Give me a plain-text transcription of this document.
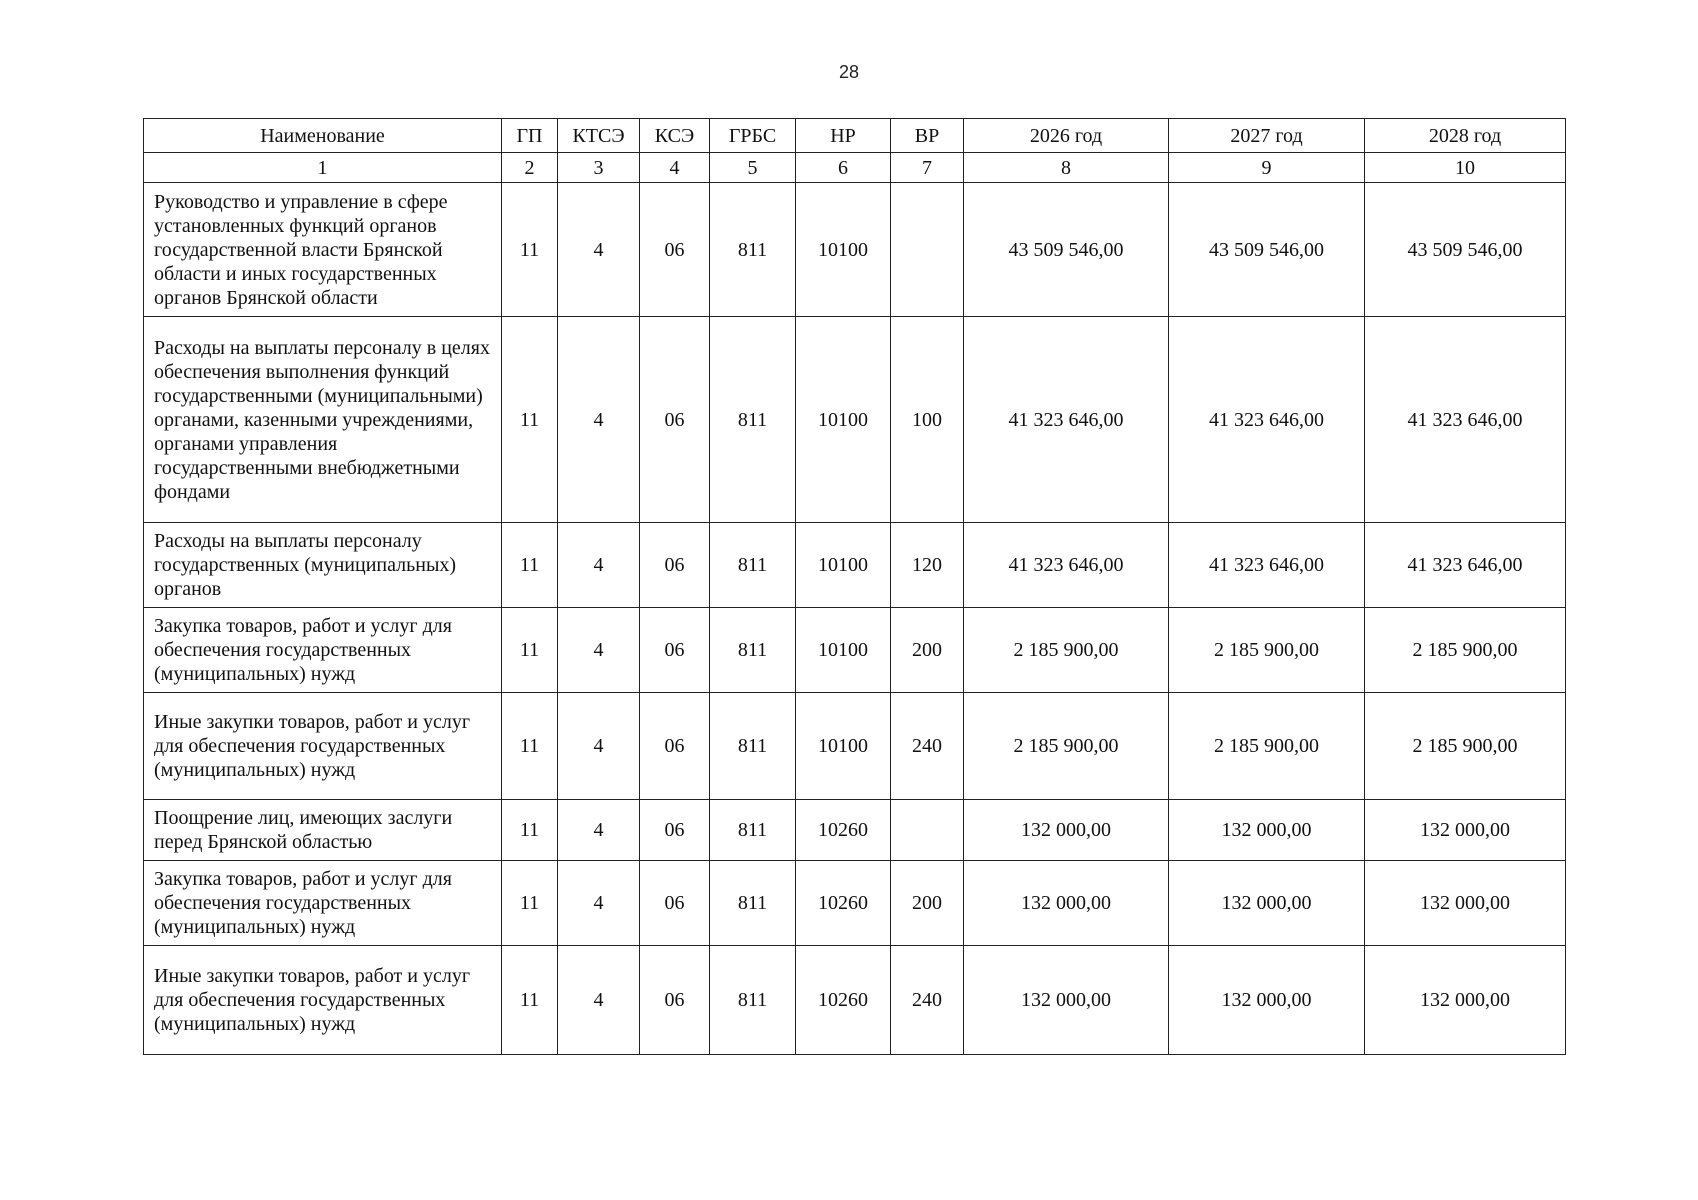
28
Наименование	ГП	КТСЭ	КСЭ	ГРБС	НР	ВР	2026 год	2027 год	2028 год
1	2	3	4	5	6	7	8	9	10
Руководство и управление в сфере установленных функций органов государственной власти Брянской области и иных государственных органов Брянской области	11	4	06	811	10100		43 509 546,00	43 509 546,00	43 509 546,00
Расходы на выплаты персоналу в целях обеспечения выполнения функций государственными (муниципальными) органами, казенными учреждениями, органами управления государственными внебюджетными фондами	11	4	06	811	10100	100	41 323 646,00	41 323 646,00	41 323 646,00
Расходы на выплаты персоналу государственных (муниципальных) органов	11	4	06	811	10100	120	41 323 646,00	41 323 646,00	41 323 646,00
Закупка товаров, работ и услуг для обеспечения государственных (муниципальных) нужд	11	4	06	811	10100	200	2 185 900,00	2 185 900,00	2 185 900,00
Иные закупки товаров, работ и услуг для обеспечения государственных (муниципальных) нужд	11	4	06	811	10100	240	2 185 900,00	2 185 900,00	2 185 900,00
Поощрение лиц, имеющих заслуги перед Брянской областью	11	4	06	811	10260		132 000,00	132 000,00	132 000,00
Закупка товаров, работ и услуг для обеспечения государственных (муниципальных) нужд	11	4	06	811	10260	200	132 000,00	132 000,00	132 000,00
Иные закупки товаров, работ и услуг для обеспечения государственных (муниципальных) нужд	11	4	06	811	10260	240	132 000,00	132 000,00	132 000,00
